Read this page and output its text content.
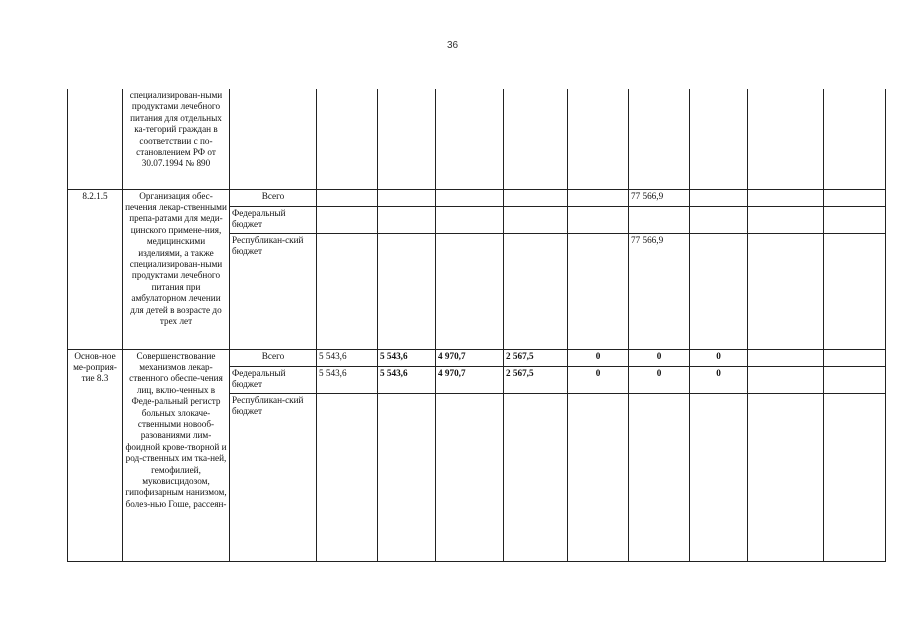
36
	специализирован-ными продуктами лечебного питания для отдельных ка-тегорий граждан в соответствии с по-становлением РФ от 30.07.1994 № 890										
8.2.1.5	Организация обес-печения лекар-ственными препа-ратами для меди-цинского примене-ния, медицинскими изделиями, а также специализирован-ными продуктами лечебного питания при амбулаторном лечении для детей в возрасте до трех лет	Всего						77 566,9			
		Федеральный бюджет									
		Республикан-ский бюджет						77 566,9			
Основ-ное ме-роприя-тие 8.3	Совершенствование механизмов лекар-ственного обеспе-чения лиц, вклю-ченных в Феде-ральный регистр больных злокаче-ственными новооб-разованиями лим-фоидной крове-творной и род-ственных им тка-ней, гемофилией, муковисцидозом, гипофизарным нанизмом, болез-нью Гоше, рассеян-	Всего	5 543,6	5 543,6	4 970,7	2 567,5	0	0	0		
		Федеральный бюджет	5 543,6	5 543,6	4 970,7	2 567,5	0	0	0		
		Республикан-ский бюджет									
